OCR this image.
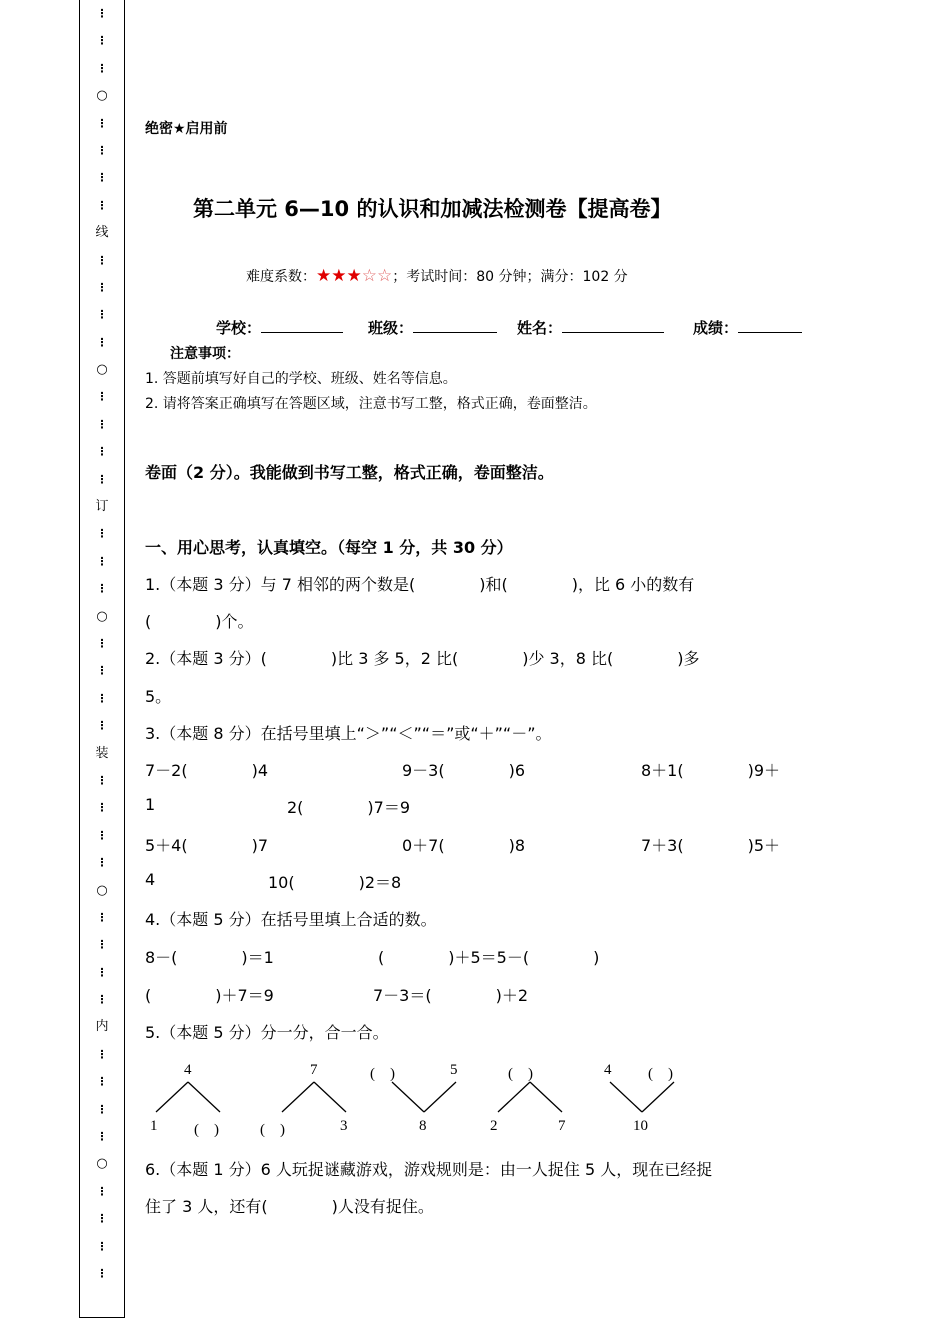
⋮
⋮
⋮
○
⋮
⋮
⋮
⋮
线
⋮
⋮
⋮
⋮
○
⋮
⋮
⋮
⋮
订
⋮
⋮
⋮
○
⋮
⋮
⋮
⋮
装
⋮
⋮
⋮
⋮
○
⋮
⋮
⋮
⋮
内
⋮
⋮
⋮
⋮
○
⋮
⋮
⋮
⋮
绝密★启用前
第二单元 6—10 的认识和加减法检测卷【提高卷】
难度系数：★★★☆☆；考试时间：80 分钟；满分：102 分
学校：	班级：	姓名：	成绩：
注意事项：
1. 答题前填写好自己的学校、班级、姓名等信息。
2. 请将答案正确填写在答题区域，注意书写工整，格式正确，卷面整洁。
卷面（2 分）。我能做到书写工整，格式正确，卷面整洁。
一、用心思考，认真填空。（每空 1 分，共 30 分）
1.（本题 3 分）与 7 相邻的两个数是(　　　　)和(　　　　)，比 6 小的数有
(　　　　)个。
2.（本题 3 分）(　　　　)比 3 多 5，2 比(　　　　)少 3，8 比(　　　　)多
5。
3.（本题 8 分）在括号里填上“＞”“＜”“＝”或“＋”“－”。
7－2(　　　　)4	9－3(　　　　)6	8＋1(　　　　)9＋
1	2(　　　　)7＝9
5＋4(　　　　)7	0＋7(　　　　)8	7＋3(　　　　)5＋
4	10(　　　　)2＝8
4.（本题 5 分）在括号里填上合适的数。
8－(　　　　)＝1	(　　　　)＋5＝5－(　　　　)
(　　　　)＋7＝9	7－3＝(　　　　)＋2
5.（本题 5 分）分一分，合一合。
4
1 (　)
7
(　)	3
(　)	5
8
(　)
2	7
4 (　)
10
6.（本题 1 分）6 人玩捉谜藏游戏，游戏规则是：由一人捉住 5 人，现在已经捉
住了 3 人，还有(　　　　)人没有捉住。
